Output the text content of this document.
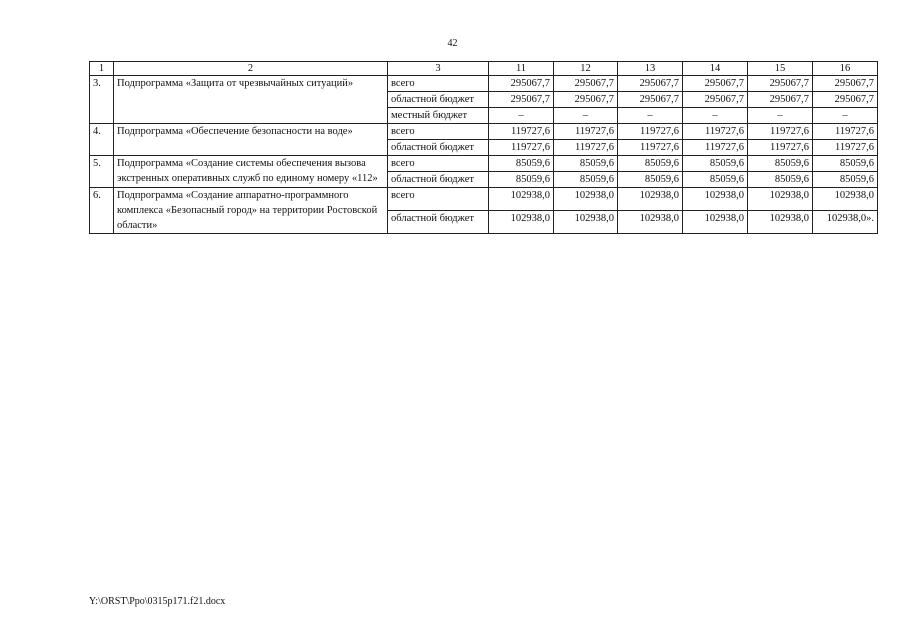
42
1	2	3	11	12	13	14	15	16
3.	Подпрограмма «Защита от чрезвычайных ситуаций»	всего	295067,7	295067,7	295067,7	295067,7	295067,7	295067,7
		областной бюджет	295067,7	295067,7	295067,7	295067,7	295067,7	295067,7
		местный бюджет	–	–	–	–	–	–
4.	Подпрограмма «Обеспечение безопасности на воде»	всего	119727,6	119727,6	119727,6	119727,6	119727,6	119727,6
		областной бюджет	119727,6	119727,6	119727,6	119727,6	119727,6	119727,6
5.	Подпрограмма «Создание системы обеспечения вызова экстренных оперативных служб по единому номеру «112»	всего	85059,6	85059,6	85059,6	85059,6	85059,6	85059,6
		областной бюджет	85059,6	85059,6	85059,6	85059,6	85059,6	85059,6
6.	Подпрограмма «Создание аппаратно-программного комплекса «Безопасный город» на территории Ростовской области»	всего	102938,0	102938,0	102938,0	102938,0	102938,0	102938,0
		областной бюджет	102938,0	102938,0	102938,0	102938,0	102938,0	102938,0».
Y:\ORST\Ppo\0315p171.f21.docx
